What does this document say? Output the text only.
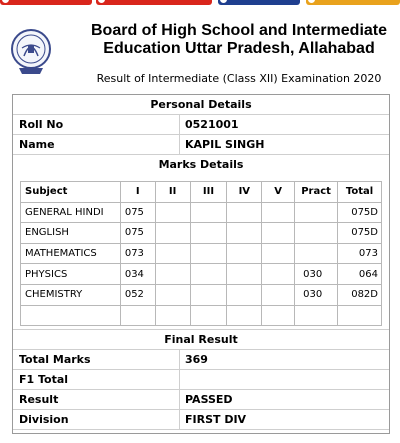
Board of High School and Intermediate
Education Uttar Pradesh, Allahabad
Result of Intermediate (Class XII) Examination 2020
Personal Details
Roll No	0521001
Name	KAPIL SINGH
Marks Details
Subject	I	II	III	IV	V	Pract	Total
GENERAL HINDI	075						075D
ENGLISH	075						075D
MATHEMATICS	073						073
PHYSICS	034					030	064
CHEMISTRY	052					030	082D

Final Result
Total Marks	369
F1 Total
Result	PASSED
Division	FIRST DIV
